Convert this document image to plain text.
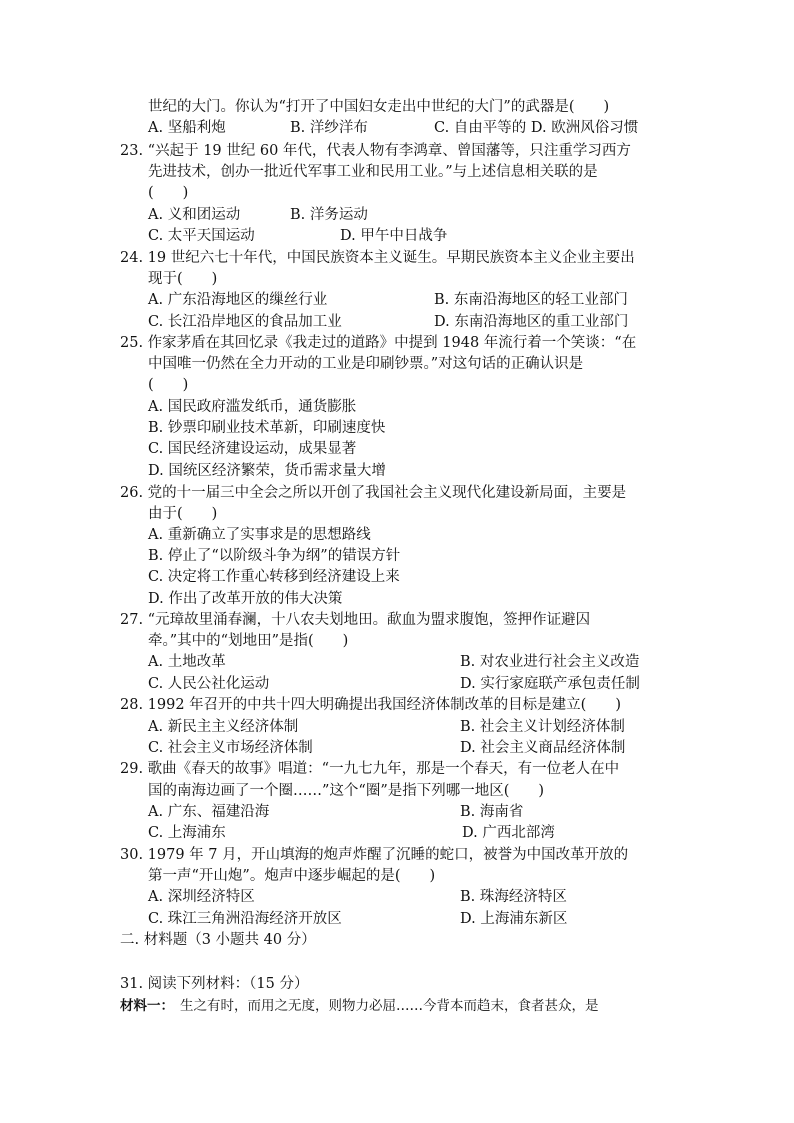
世纪的大门。你认为“打开了中国妇女走出中世纪的大门”的武器是(　　)
A. 坚船利炮	B. 洋纱洋布	C. 自由平等的 D. 欧洲风俗习惯
23. “兴起于 19 世纪 60 年代，代表人物有李鸿章、曾国藩等，只注重学习西方
先进技术，创办一批近代军事工业和民用工业。”与上述信息相关联的是
(　　)
A. 义和团运动	B. 洋务运动
C. 太平天国运动	D. 甲午中日战争
24. 19 世纪六七十年代，中国民族资本主义诞生。早期民族资本主义企业主要出
现于(　　)
A. 广东沿海地区的缫丝行业	B. 东南沿海地区的轻工业部门
C. 长江沿岸地区的食品加工业	D. 东南沿海地区的重工业部门
25. 作家茅盾在其回忆录《我走过的道路》中提到 1948 年流行着一个笑谈：“在
中国唯一仍然在全力开动的工业是印刷钞票。”对这句话的正确认识是
(　　)
A. 国民政府滥发纸币，通货膨胀
B. 钞票印刷业技术革新，印刷速度快
C. 国民经济建设运动，成果显著
D. 国统区经济繁荣，货币需求量大增
26. 党的十一届三中全会之所以开创了我国社会主义现代化建设新局面，主要是
由于(　　)
A. 重新确立了实事求是的思想路线
B. 停止了“以阶级斗争为纲”的错误方针
C. 决定将工作重心转移到经济建设上来
D. 作出了改革开放的伟大决策
27. “元璋故里涌春澜，十八农夫划地田。歃血为盟求腹饱，签押作证避囚
牵。”其中的“划地田”是指(　　)
A. 土地改革	B. 对农业进行社会主义改造
C. 人民公社化运动	D. 实行家庭联产承包责任制
28. 1992 年召开的中共十四大明确提出我国经济体制改革的目标是建立(　　)
A. 新民主主义经济体制	B. 社会主义计划经济体制
C. 社会主义市场经济体制	D. 社会主义商品经济体制
29. 歌曲《春天的故事》唱道：“一九七九年，那是一个春天，有一位老人在中
国的南海边画了一个圈……”这个“圈”是指下列哪一地区(　　)
A. 广东、福建沿海	B. 海南省
C. 上海浦东	D. 广西北部湾
30. 1979 年 7 月，开山填海的炮声炸醒了沉睡的蛇口，被誉为中国改革开放的
第一声“开山炮”。炮声中逐步崛起的是(　　)
A. 深圳经济特区	B. 珠海经济特区
C. 珠江三角洲沿海经济开放区	D. 上海浦东新区
二. 材料题（3 小题共 40 分）
31. 阅读下列材料：（15 分）
材料一： 生之有时，而用之无度，则物力必屈……今背本而趋末，食者甚众，是
